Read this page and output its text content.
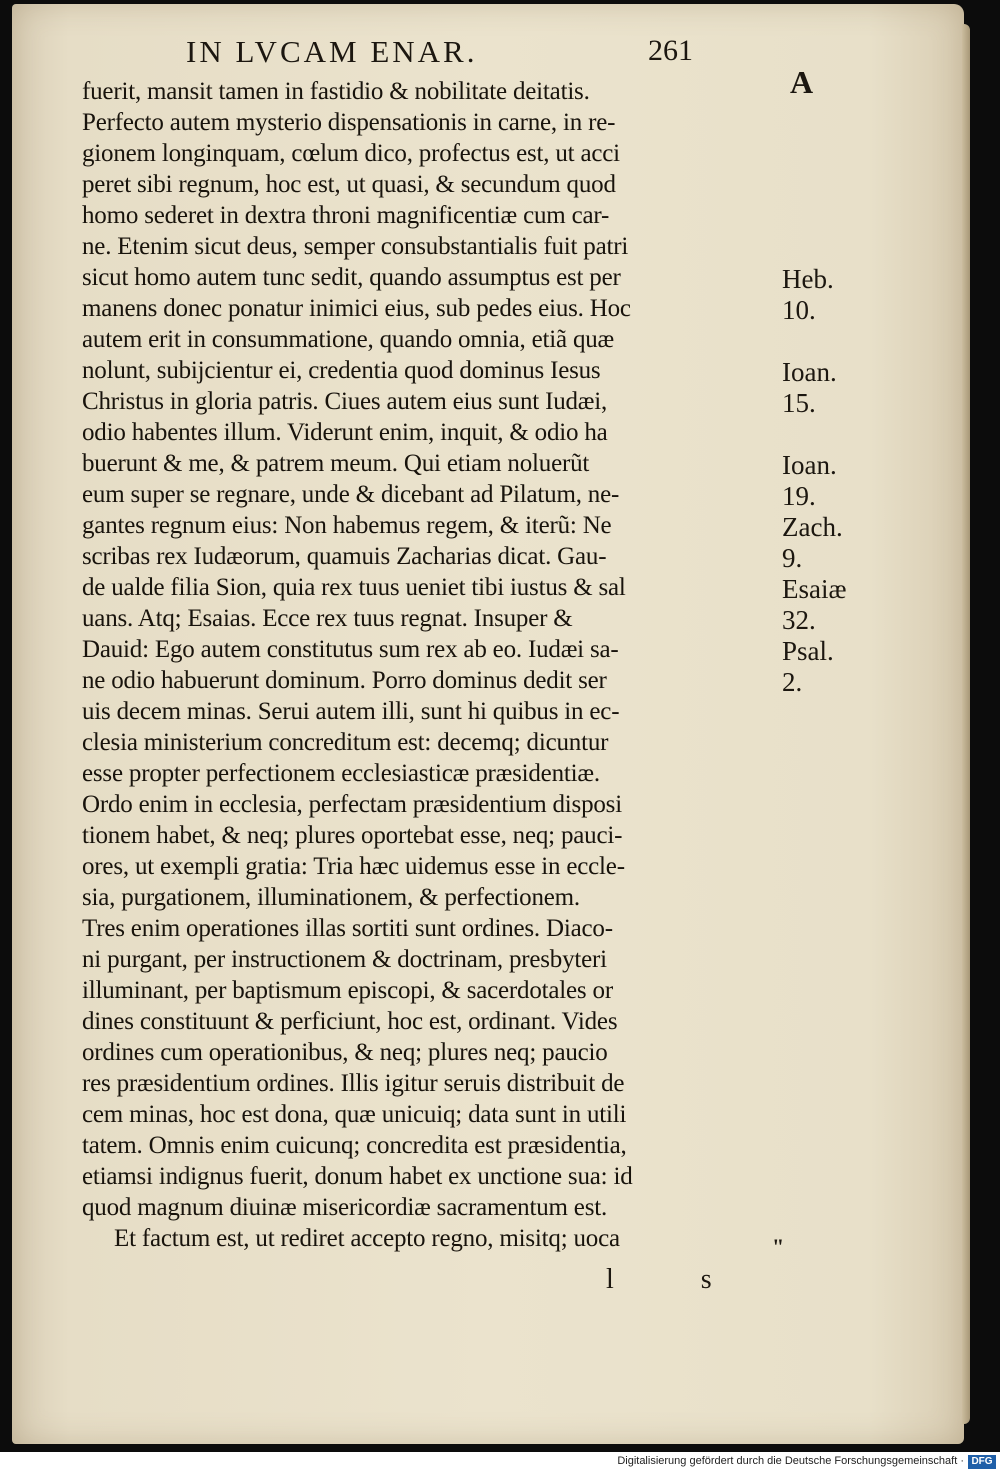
IN LVCAM ENAR.	261
A
fuerit, mansit tamen in fastidio & nobilitate deitatis.
Perfecto autem mysterio dispensationis in carne, in re-
gionem longinquam, cœlum dico, profectus est, ut acci
peret sibi regnum, hoc est, ut quasi, & secundum quod
homo sederet in dextra throni magnificentiæ cum car-
ne. Etenim sicut deus, semper consubstantialis fuit patri
sicut homo autem tunc sedit, quando assumptus est per
manens donec ponatur inimici eius, sub pedes eius. Hoc
autem erit in consummatione, quando omnia, etiã quæ
nolunt, subijcientur ei, credentia quod dominus Iesus
Christus in gloria patris. Ciues autem eius sunt Iudæi,
odio habentes illum. Viderunt enim, inquit, & odio ha
buerunt & me, & patrem meum. Qui etiam noluerũt
eum super se regnare, unde & dicebant ad Pilatum, ne-
gantes regnum eius: Non habemus regem, & iterũ: Ne
scribas rex Iudæorum, quamuis Zacharias dicat. Gau-
de ualde filia Sion, quia rex tuus ueniet tibi iustus & sal
uans. Atq; Esaias. Ecce rex tuus regnat. Insuper &
Dauid: Ego autem constitutus sum rex ab eo. Iudæi sa-
ne odio habuerunt dominum. Porro dominus dedit ser
uis decem minas. Serui autem illi, sunt hi quibus in ec-
clesia ministerium concreditum est: decemq; dicuntur
esse propter perfectionem ecclesiasticæ præsidentiæ.
Ordo enim in ecclesia, perfectam præsidentium disposi
tionem habet, & neq; plures oportebat esse, neq; pauci-
ores, ut exempli gratia: Tria hæc uidemus esse in eccle-
sia, purgationem, illuminationem, & perfectionem.
Tres enim operationes illas sortiti sunt ordines. Diaco-
ni purgant, per instructionem & doctrinam, presbyteri
illuminant, per baptismum episcopi, & sacerdotales or
dines constituunt & perficiunt, hoc est, ordinant. Vides
ordines cum operationibus, & neq; plures neq; paucio
res præsidentium ordines. Illis igitur seruis distribuit de
cem minas, hoc est dona, quæ unicuiq; data sunt in utili
tatem. Omnis enim cuicunq; concredita est præsidentia,
etiamsi indignus fuerit, donum habet ex unctione sua: id
quod magnum diuinæ misericordiæ sacramentum est.
Et factum est, ut rediret accepto regno, misitq; uoca
Heb.
10.
Ioan.
15.
Ioan.
19.
Zach.
9.
Esaiæ
32.
Psal.
2.
"
l s
Digitalisierung gefördert durch die Deutsche Forschungsgemeinschaft · DFG
